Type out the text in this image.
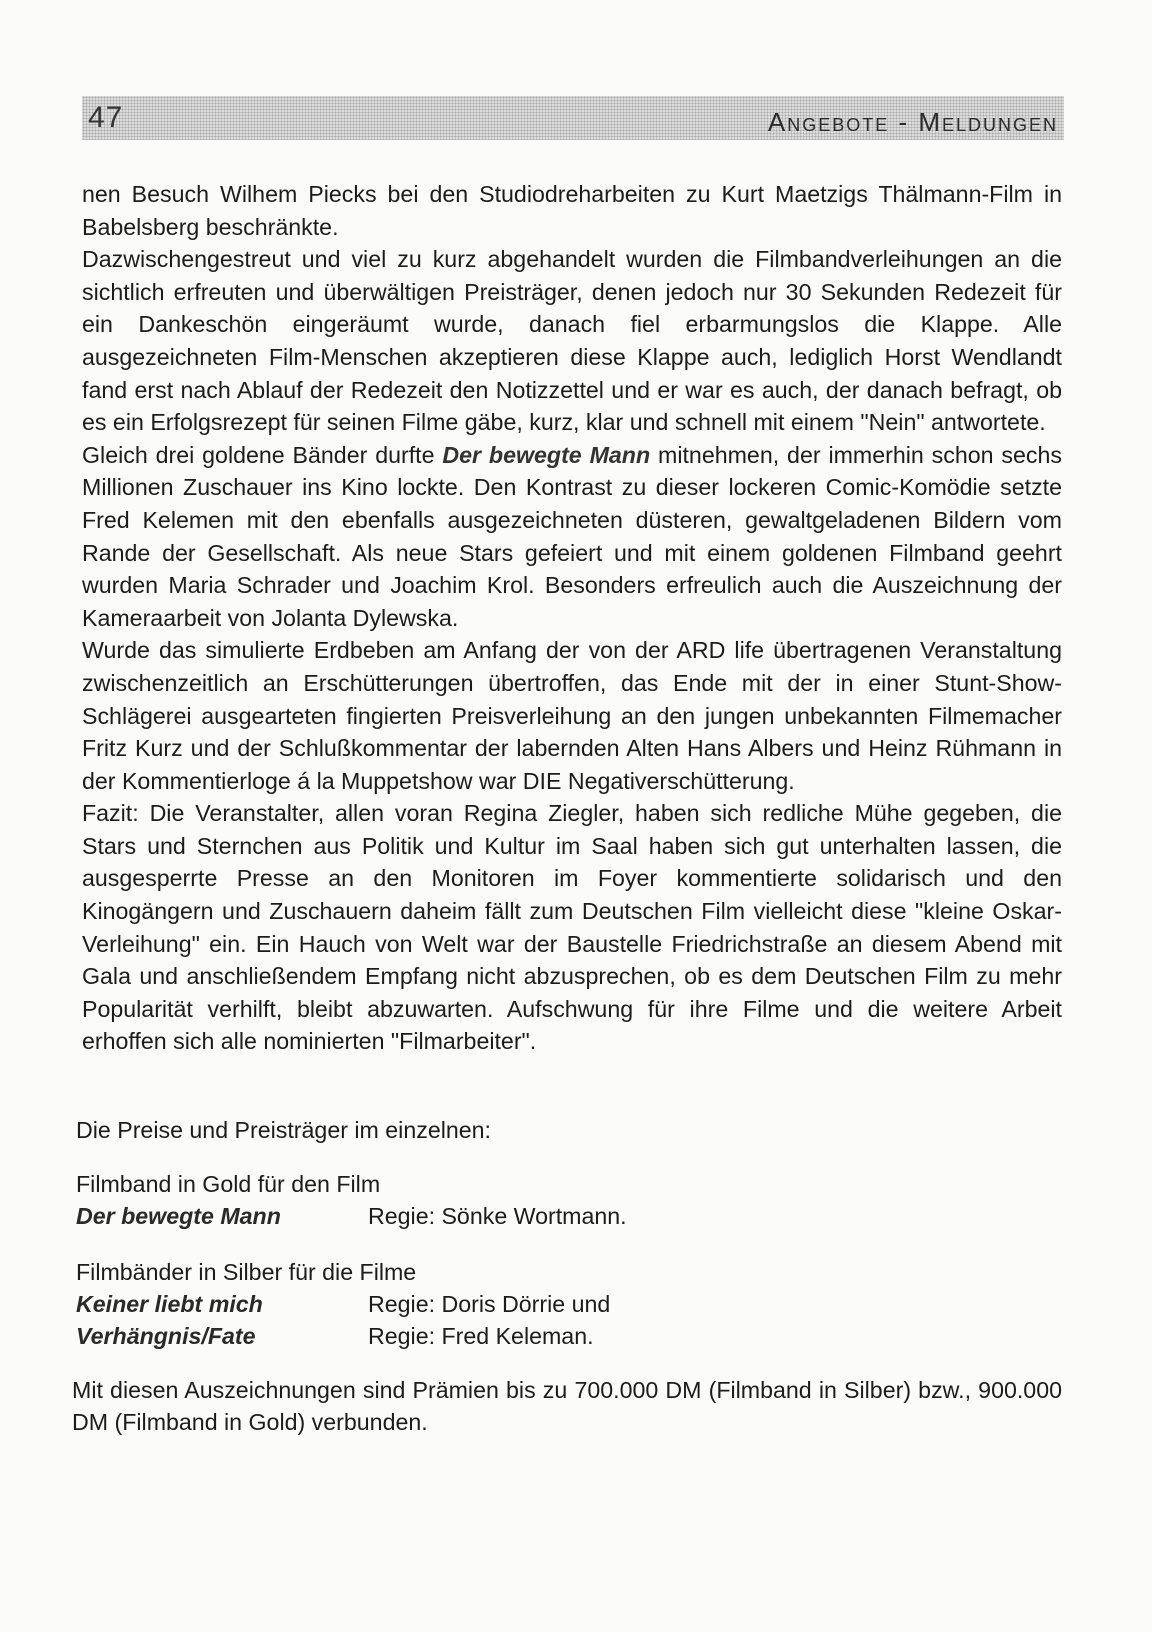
47	Angebote - Meldungen

nen Besuch Wilhem Piecks bei den Studiodreharbeiten zu Kurt Maetzigs Thälmann-Film in Babelsberg beschränkte.

Dazwischengestreut und viel zu kurz abgehandelt wurden die Filmbandverleihungen an die sichtlich erfreuten und überwältigen Preisträger, denen jedoch nur 30 Sekunden Redezeit für ein Dankeschön eingeräumt wurde, danach fiel erbarmungslos die Klappe. Alle ausgezeichneten Film-Menschen akzeptieren diese Klappe auch, lediglich Horst Wendlandt fand erst nach Ablauf der Redezeit den Notizzettel und er war es auch, der danach befragt, ob es ein Erfolgsrezept für seinen Filme gäbe, kurz, klar und schnell mit einem "Nein" antwortete.

Gleich drei goldene Bänder durfte Der bewegte Mann mitnehmen, der immerhin schon sechs Millionen Zuschauer ins Kino lockte. Den Kontrast zu dieser lockeren Comic-Komödie setzte Fred Kelemen mit den ebenfalls ausgezeichneten düsteren, gewaltgeladenen Bildern vom Rande der Gesellschaft. Als neue Stars gefeiert und mit einem goldenen Filmband geehrt wurden Maria Schrader und Joachim Krol. Besonders erfreulich auch die Auszeichnung der Kameraarbeit von Jolanta Dylewska.

Wurde das simulierte Erdbeben am Anfang der von der ARD life übertragenen Veranstaltung zwischenzeitlich an Erschütterungen übertroffen, das Ende mit der in einer Stunt-Show-Schlägerei ausgearteten fingierten Preisverleihung an den jungen unbekannten Filmemacher Fritz Kurz und der Schlußkommentar der labernden Alten Hans Albers und Heinz Rühmann in der Kommentierloge á la Muppetshow war DIE Negativerschütterung.

Fazit: Die Veranstalter, allen voran Regina Ziegler, haben sich redliche Mühe gegeben, die Stars und Sternchen aus Politik und Kultur im Saal haben sich gut unterhalten lassen, die ausgesperrte Presse an den Monitoren im Foyer kommentierte solidarisch und den Kinogängern und Zuschauern daheim fällt zum Deutschen Film vielleicht diese "kleine Oskar-Verleihung" ein. Ein Hauch von Welt war der Baustelle Friedrichstraße an diesem Abend mit Gala und anschließendem Empfang nicht abzusprechen, ob es dem Deutschen Film zu mehr Popularität verhilft, bleibt abzuwarten. Aufschwung für ihre Filme und die weitere Arbeit erhoffen sich alle nominierten "Filmarbeiter".

Die Preise und Preisträger im einzelnen:
Filmband in Gold für den Film
Der bewegte Mann	Regie: Sönke Wortmann.
Filmbänder in Silber für die Filme
Keiner liebt mich	Regie: Doris Dörrie und
Verhängnis/Fate	Regie: Fred Keleman.

Mit diesen Auszeichnungen sind Prämien bis zu 700.000 DM (Filmband in Silber) bzw., 900.000 DM (Filmband in Gold) verbunden.
